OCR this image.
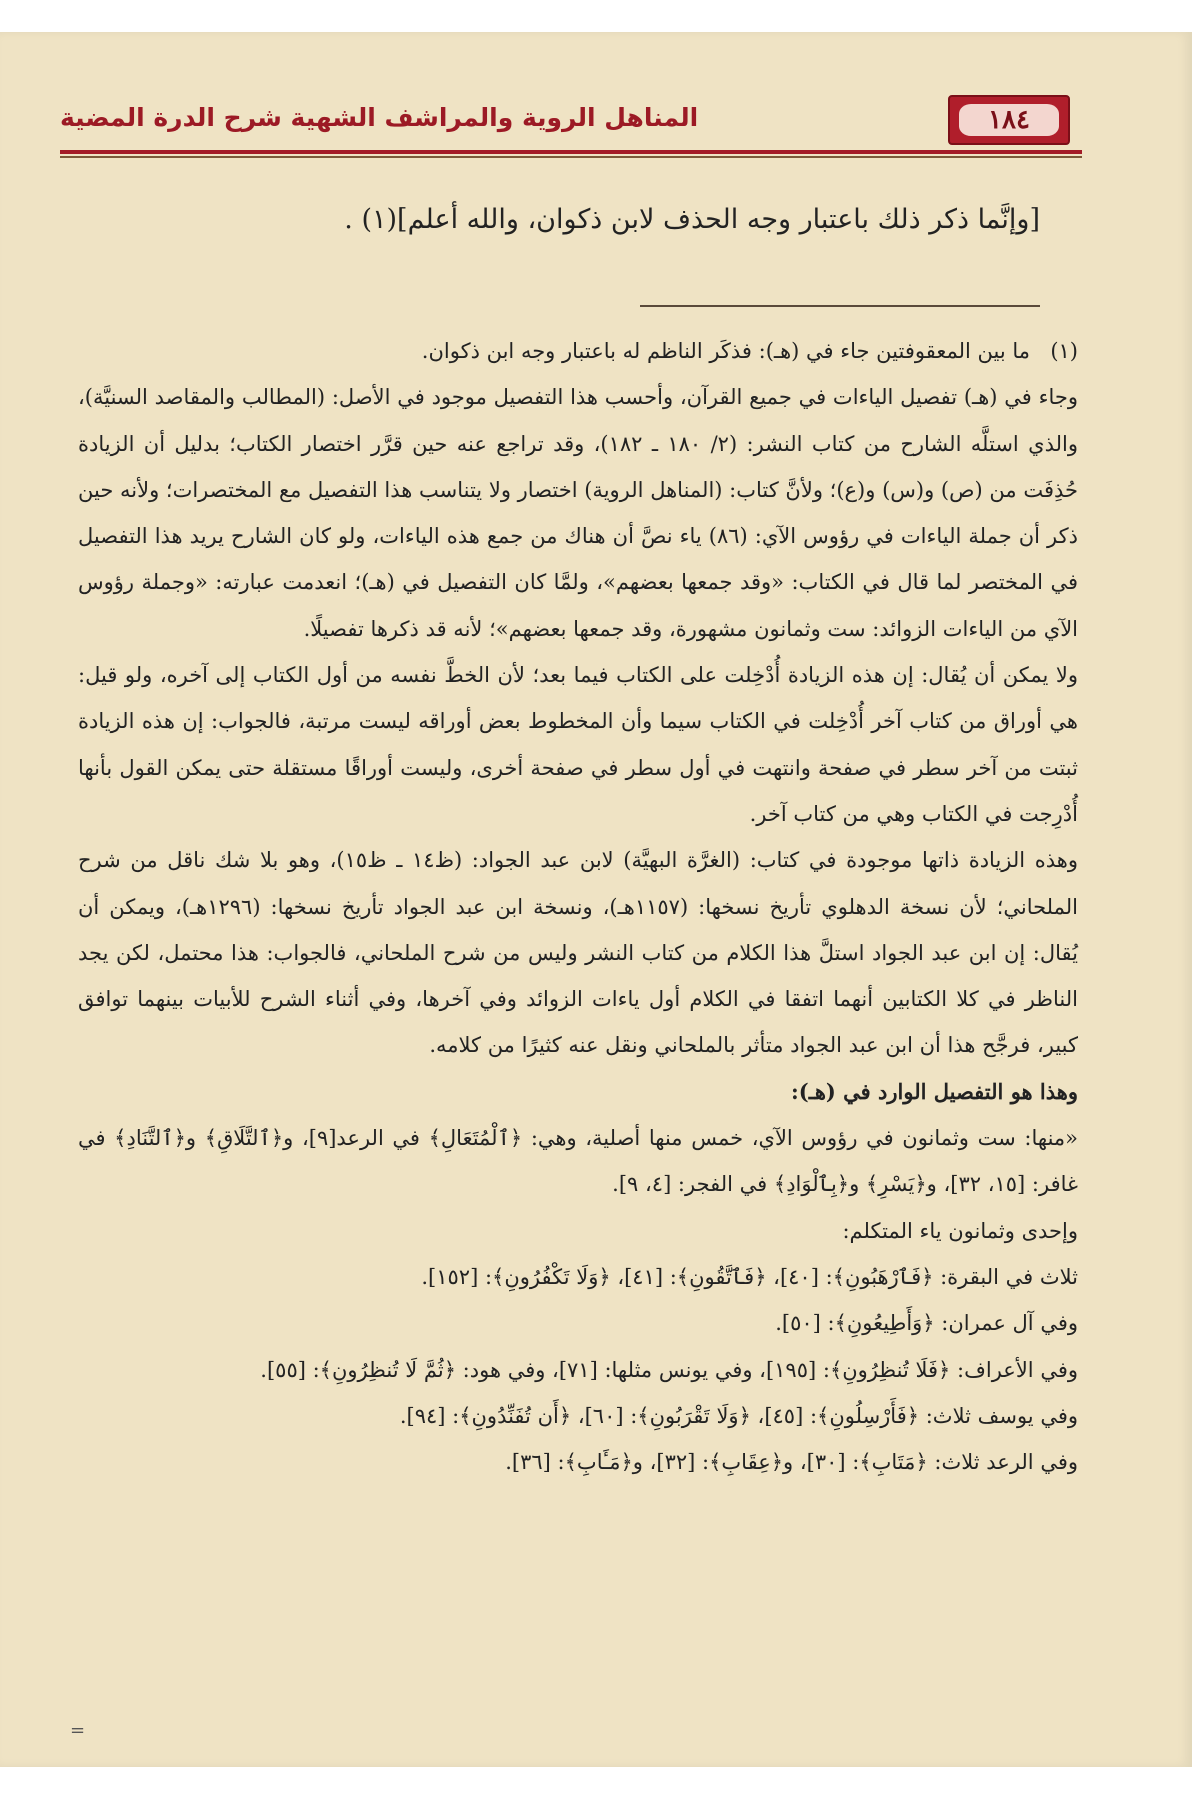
١٨٤
المناهل الروية والمراشف الشهية شرح الدرة المضية
[وإنَّما ذكر ذلك باعتبار وجه الحذف لابن ذكوان، والله أعلم](١) .
(١)
ما بين المعقوفتين جاء في (هـ): فذكَر الناظم له باعتبار وجه ابن ذكوان.

وجاء في (هـ) تفصيل الياءات في جميع القرآن، وأحسب هذا التفصيل موجود في الأصل: (المطالب والمقاصد السنيَّة)، والذي استلَّه الشارح من كتاب النشر: (٢/ ١٨٠ ـ ١٨٢)، وقد تراجع عنه حين قرَّر اختصار الكتاب؛ بدليل أن الزيادة حُذِفَت من (ص) و(س) و(ع)؛ ولأنَّ كتاب: (المناهل الروية) اختصار ولا يتناسب هذا التفصيل مع المختصرات؛ ولأنه حين ذكر أن جملة الياءات في رؤوس الآي: (٨٦) ياء نصَّ أن هناك من جمع هذه الياءات، ولو كان الشارح يريد هذا التفصيل في المختصر لما قال في الكتاب: «وقد جمعها بعضهم»، ولمَّا كان التفصيل في (هـ)؛ انعدمت عبارته: «وجملة رؤوس الآي من الياءات الزوائد: ست وثمانون مشهورة، وقد جمعها بعضهم»؛ لأنه قد ذكرها تفصيلًا.

ولا يمكن أن يُقال: إن هذه الزيادة أُدْخِلت على الكتاب فيما بعد؛ لأن الخطَّ نفسه من أول الكتاب إلى آخره، ولو قيل: هي أوراق من كتاب آخر أُدْخِلت في الكتاب سيما وأن المخطوط بعض أوراقه ليست مرتبة، فالجواب: إن هذه الزيادة ثبتت من آخر سطر في صفحة وانتهت في أول سطر في صفحة أخرى، وليست أوراقًا مستقلة حتى يمكن القول بأنها أُدْرِجت في الكتاب وهي من كتاب آخر.

وهذه الزيادة ذاتها موجودة في كتاب: (الغرَّة البهيَّة) لابن عبد الجواد: (ظ١٤ ـ ظ١٥)، وهو بلا شك ناقل من شرح الملحاني؛ لأن نسخة الدهلوي تأريخ نسخها: (١١٥٧هـ)، ونسخة ابن عبد الجواد تأريخ نسخها: (١٢٩٦هـ)، ويمكن أن يُقال: إن ابن عبد الجواد استلَّ هذا الكلام من كتاب النشر وليس من شرح الملحاني، فالجواب: هذا محتمل، لكن يجد الناظر في كلا الكتابين أنهما اتفقا في الكلام أول ياءات الزوائد وفي آخرها، وفي أثناء الشرح للأبيات بينهما توافق كبير، فرجَّح هذا أن ابن عبد الجواد متأثر بالملحاني ونقل عنه كثيرًا من كلامه.

وهذا هو التفصيل الوارد في (هـ):

«منها: ست وثمانون في رؤوس الآي، خمس منها أصلية، وهي: ﴿ٱلْمُتَعَالِ﴾ في الرعد[٩]، و﴿ٱلتَّلَاقِ﴾ و﴿ٱلتَّنَادِ﴾ في غافر: [١٥، ٣٢]، و﴿يَسْرِ﴾ و﴿بِٱلْوَادِ﴾ في الفجر: [٤، ٩].

وإحدى وثمانون ياء المتكلم:

ثلاث في البقرة: ﴿فَٱرْهَبُونِ﴾: [٤٠]، ﴿فَٱتَّقُونِ﴾: [٤١]، ﴿وَلَا تَكْفُرُونِ﴾: [١٥٢].

وفي آل عمران: ﴿وَأَطِيعُونِ﴾: [٥٠].

وفي الأعراف: ﴿فَلَا تُنظِرُونِ﴾: [١٩٥]، وفي يونس مثلها: [٧١]، وفي هود: ﴿ثُمَّ لَا تُنظِرُونِ﴾: [٥٥].

وفي يوسف ثلاث: ﴿فَأَرْسِلُونِ﴾: [٤٥]، ﴿وَلَا تَقْرَبُونِ﴾: [٦٠]، ﴿أَن تُفَنِّدُونِ﴾: [٩٤].

وفي الرعد ثلاث: ﴿مَتَابِ﴾: [٣٠]، و﴿عِقَابِ﴾: [٣٢]، و﴿مَـَٔابِ﴾: [٣٦].

=
